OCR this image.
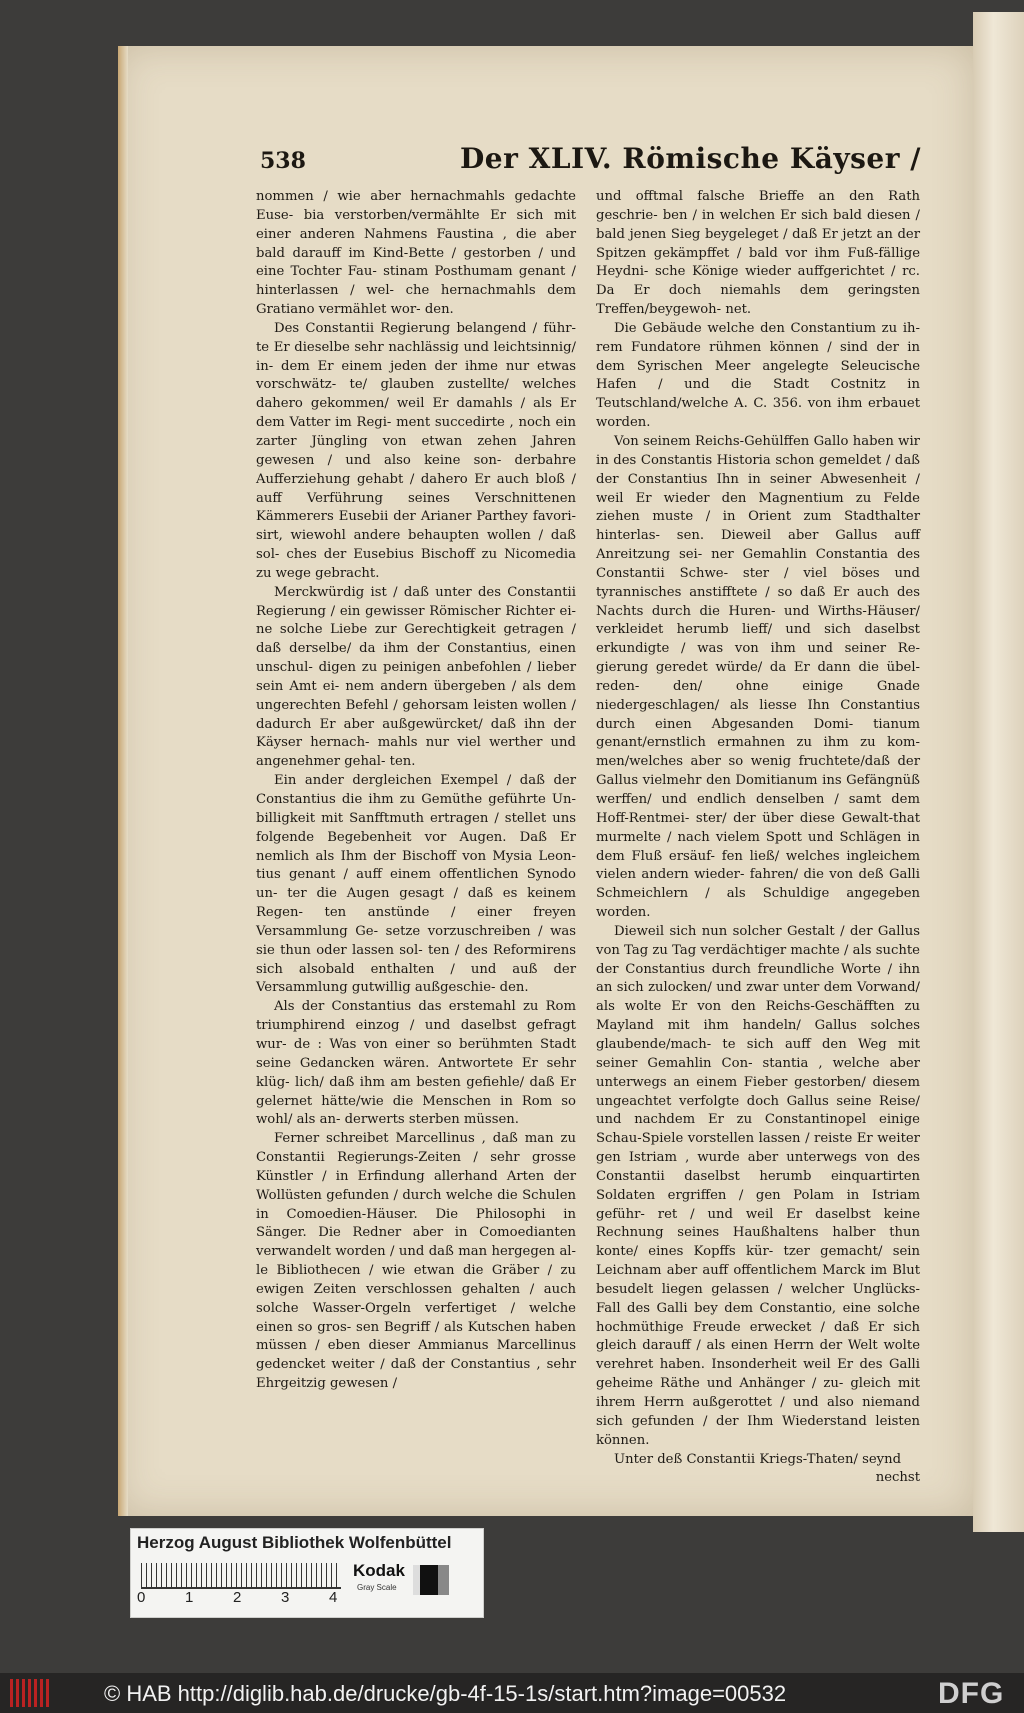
538	Der XLIV. Römische Käyser /

nommen / wie aber hernachmahls gedachte Euse- bia verstorben/vermählte Er sich mit einer anderen Nahmens Faustina , die aber bald darauff im Kind-Bette / gestorben / und eine Tochter Fau- stinam Posthumam genant / hinterlassen / wel- che hernachmahls dem Gratiano vermählet wor- den.

Des Constantii Regierung belangend / führ- te Er dieselbe sehr nachlässig und leichtsinnig/ in- dem Er einem jeden der ihme nur etwas vorschwätz- te/ glauben zustellte/ welches dahero gekommen/ weil Er damahls / als Er dem Vatter im Regi- ment succedirte , noch ein zarter Jüngling von etwan zehen Jahren gewesen / und also keine son- derbahre Aufferziehung gehabt / dahero Er auch bloß / auff Verführung seines Verschnittenen Kämmerers Eusebii der Arianer Parthey favori- sirt, wiewohl andere behaupten wollen / daß sol- ches der Eusebius Bischoff zu Nicomedia zu wege gebracht.

Merckwürdig ist / daß unter des Constantii Regierung / ein gewisser Römischer Richter ei- ne solche Liebe zur Gerechtigkeit getragen / daß derselbe/ da ihm der Constantius, einen unschul- digen zu peinigen anbefohlen / lieber sein Amt ei- nem andern übergeben / als dem ungerechten Befehl / gehorsam leisten wollen / dadurch Er aber außgewürcket/ daß ihn der Käyser hernach- mahls nur viel werther und angenehmer gehal- ten.

Ein ander dergleichen Exempel / daß der Constantius die ihm zu Gemüthe geführte Un- billigkeit mit Sanfftmuth ertragen / stellet uns folgende Begebenheit vor Augen. Daß Er nemlich als Ihm der Bischoff von Mysia Leon- tius genant / auff einem offentlichen Synodo un- ter die Augen gesagt / daß es keinem Regen- ten anstünde / einer freyen Versammlung Ge- setze vorzuschreiben / was sie thun oder lassen sol- ten / des Reformirens sich alsobald enthalten / und auß der Versammlung gutwillig außgeschie- den.

Als der Constantius das erstemahl zu Rom triumphirend einzog / und daselbst gefragt wur- de : Was von einer so berühmten Stadt seine Gedancken wären. Antwortete Er sehr klüg- lich/ daß ihm am besten gefiehle/ daß Er gelernet hätte/wie die Menschen in Rom so wohl/ als an- derwerts sterben müssen.

Ferner schreibet Marcellinus , daß man zu Constantii Regierungs-Zeiten / sehr grosse Künstler / in Erfindung allerhand Arten der Wollüsten gefunden / durch welche die Schulen in Comoedien-Häuser. Die Philosophi in Sänger. Die Redner aber in Comoedianten verwandelt worden / und daß man hergegen al- le Bibliothecen / wie etwan die Gräber / zu ewigen Zeiten verschlossen gehalten / auch solche Wasser-Orgeln verfertiget / welche einen so gros- sen Begriff / als Kutschen haben müssen / eben dieser Ammianus Marcellinus gedencket weiter / daß der Constantius , sehr Ehrgeitzig gewesen /

und offtmal falsche Brieffe an den Rath geschrie- ben / in welchen Er sich bald diesen / bald jenen Sieg beygeleget / daß Er jetzt an der Spitzen gekämpffet / bald vor ihm Fuß-fällige Heydni- sche Könige wieder auffgerichtet / rc. Da Er doch niemahls dem geringsten Treffen/beygewoh- net.

Die Gebäude welche den Constantium zu ih- rem Fundatore rühmen können / sind der in dem Syrischen Meer angelegte Seleucische Hafen / und die Stadt Costnitz in Teutschland/welche A. C. 356. von ihm erbauet worden.

Von seinem Reichs-Gehülffen Gallo haben wir in des Constantis Historia schon gemeldet / daß der Constantius Ihn in seiner Abwesenheit / weil Er wieder den Magnentium zu Felde ziehen muste / in Orient zum Stadthalter hinterlas- sen. Dieweil aber Gallus auff Anreitzung sei- ner Gemahlin Constantia des Constantii Schwe- ster / viel böses und tyrannisches anstifftete / so daß Er auch des Nachts durch die Huren- und Wirths-Häuser/ verkleidet herumb lieff/ und sich daselbst erkundigte / was von ihm und seiner Re- gierung geredet würde/ da Er dann die übel-reden- den/ ohne einige Gnade niedergeschlagen/ als liesse Ihn Constantius durch einen Abgesanden Domi- tianum genant/ernstlich ermahnen zu ihm zu kom- men/welches aber so wenig fruchtete/daß der Gallus vielmehr den Domitianum ins Gefängnüß werffen/ und endlich denselben / samt dem Hoff-Rentmei- ster/ der über diese Gewalt-that murmelte / nach vielem Spott und Schlägen in dem Fluß ersäuf- fen ließ/ welches ingleichem vielen andern wieder- fahren/ die von deß Galli Schmeichlern / als Schuldige angegeben worden.

Dieweil sich nun solcher Gestalt / der Gallus von Tag zu Tag verdächtiger machte / als suchte der Constantius durch freundliche Worte / ihn an sich zulocken/ und zwar unter dem Vorwand/ als wolte Er von den Reichs-Geschäfften zu Mayland mit ihm handeln/ Gallus solches glaubende/mach- te sich auff den Weg mit seiner Gemahlin Con- stantia , welche aber unterwegs an einem Fieber gestorben/ diesem ungeachtet verfolgte doch Gallus seine Reise/ und nachdem Er zu Constantinopel einige Schau-Spiele vorstellen lassen / reiste Er weiter gen Istriam , wurde aber unterwegs von des Constantii daselbst herumb einquartirten Soldaten ergriffen / gen Polam in Istriam geführ- ret / und weil Er daselbst keine Rechnung seines Haußhaltens halber thun konte/ eines Kopffs kür- tzer gemacht/ sein Leichnam aber auff offentlichem Marck im Blut besudelt liegen gelassen / welcher Unglücks-Fall des Galli bey dem Constantio, eine solche hochmüthige Freude erwecket / daß Er sich gleich darauff / als einen Herrn der Welt wolte verehret haben. Insonderheit weil Er des Galli geheime Räthe und Anhänger / zu- gleich mit ihrem Herrn außgerottet / und also niemand sich gefunden / der Ihm Wiederstand leisten können.

Unter deß Constantii Kriegs-Thaten/ seynd

nechst

Herzog August Bibliothek Wolfenbüttel
0	1	2	3	4
Kodak
Gray Scale
© HAB http://diglib.hab.de/drucke/gb-4f-15-1s/start.htm?image=00532	DFG
